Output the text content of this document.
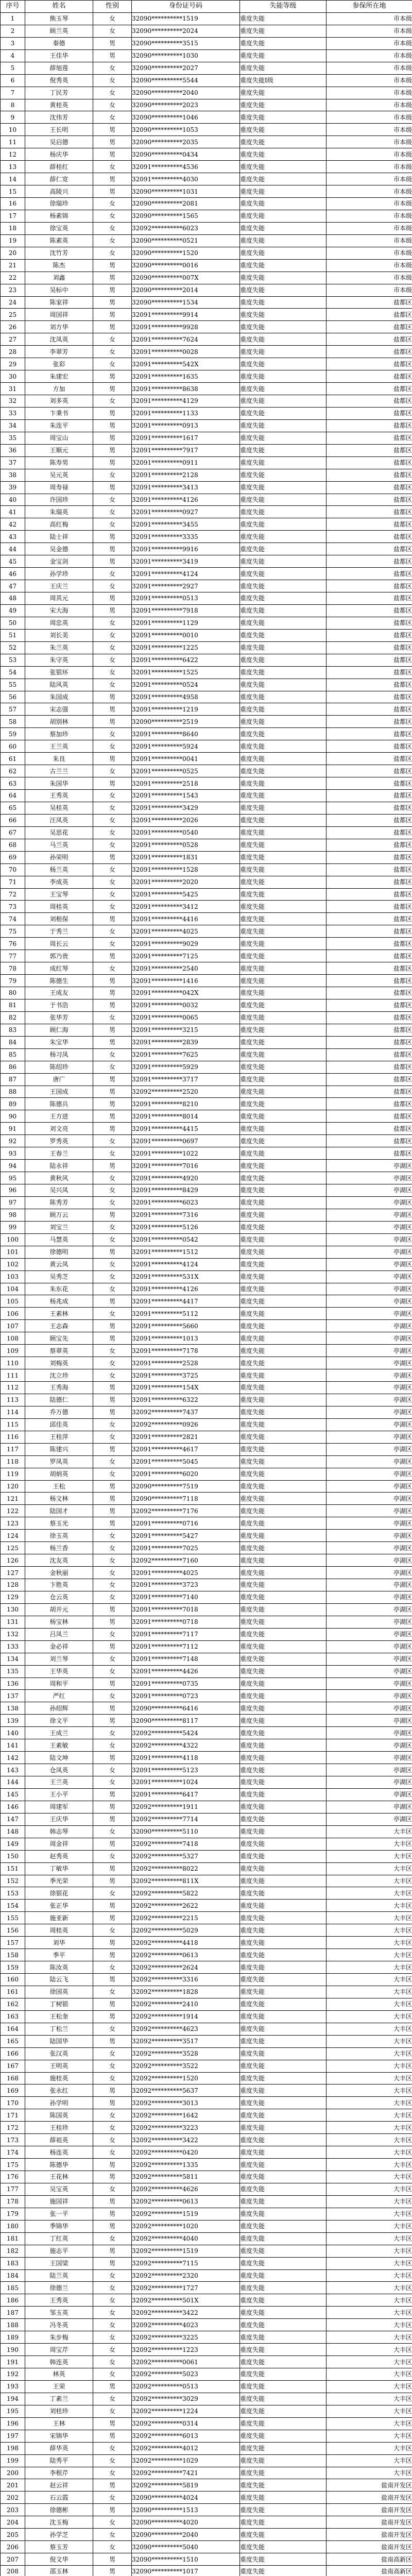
序号	姓名	性别	身份证号码	失能等级	参保所在地
1	熊玉琴	女	32090**********1519	重度失能	市本级
2	顾兰英	女	32090**********2024	重度失能	市本级
3	秦德	男	32090**********3515	重度失能	市本级
4	王佳华	男	32090**********1030	重度失能	市本级
5	薛旭莲	女	32090**********2027	重度失能	市本级
6	倪秀英	女	32090**********5544	重度失能Ⅰ级	市本级
7	丁民芳	女	32090**********2040	重度失能	市本级
8	黄桂英	女	32090**********2023	重度失能	市本级
9	沈伟芳	女	32090**********1046	重度失能	市本级
10	王长明	男	32090**********1053	重度失能	市本级
11	吴启德	男	32090**********2035	重度失能	市本级
12	杨庆华	男	32090**********0434	重度失能	市本级
13	薛桂红	女	32091**********4536	重度失能	市本级
14	薛仁宽	男	32091**********4030	重度失能	市本级
15	高陵兴	男	32090**********1031	重度失能	市本级
16	徐瑞珍	女	32090**********2081	重度失能	市本级
17	杨素锦	女	32090**********1565	重度失能	市本级
18	徐宝英	女	32092**********6023	重度失能	市本级
19	陈素英	女	32090**********0521	重度失能	市本级
20	沈竹芳	女	32090**********1520	重度失能	市本级
21	陈杰	男	32090**********0016	重度失能	市本级
22	刘鑫	男	32090**********007X	重度失能	市本级
23	吴标中	男	32090**********2014	重度失能	市本级
24	陈家祥	男	32090**********1534	重度失能	盐都区
25	周国祥	男	32091**********9914	重度失能	盐都区
26	刘方华	男	32091**********9928	重度失能	盐都区
27	沈凤英	女	32091**********7624	重度失能	盐都区
28	李翠芳	女	32091**********0028	重度失能	盐都区
29	张彩	女	32091**********542X	重度失能	盐都区
30	朱建宏	男	32091**********1635	重度失能	盐都区
31	方加	男	32091**********8638	重度失能	盐都区
32	刘多英	女	32091**********4129	重度失能	盐都区
33	卞秉书	男	32091**********1133	重度失能	盐都区
34	朱连平	男	32091**********0913	重度失能	盐都区
35	周宝山	男	32091**********1617	重度失能	盐都区
36	王顺元	男	32091**********7917	重度失能	盐都区
37	陈寿男	男	32091**********0911	重度失能	盐都区
38	吴元英	女	32091**********2128	重度失能	盐都区
39	周寿禄	男	32091**********3413	重度失能	盐都区
40	许国珍	女	32091**********4126	重度失能	盐都区
41	朱瑞英	女	32091**********0927	重度失能	盐都区
42	高红梅	女	32091**********3455	重度失能	盐都区
43	陆士祥	男	32091**********3335	重度失能	盐都区
44	吴金德	男	32091**********9916	重度失能	盐都区
45	金宝剑	男	32091**********3419	重度失能	盐都区
46	孙学珍	女	32091**********4124	重度失能	盐都区
47	王庆兰	女	32091**********2927	重度失能	盐都区
48	周其元	男	32091**********0513	重度失能	盐都区
49	宋大海	男	32091**********7918	重度失能	盐都区
50	周忠英	女	32091**********1129	重度失能	盐都区
51	刘长美	女	32091**********0010	重度失能	盐都区
52	朱兰英	女	32091**********1225	重度失能	盐都区
53	朱守英	女	32091**********6422	重度失能	盐都区
54	张银环	女	32091**********1525	重度失能	盐都区
55	陆风英	女	32091**********0524	重度失能	盐都区
56	朱国成	男	32091**********4958	重度失能	盐都区
57	宋志强	男	32091**********1219	重度失能	盐都区
58	胡别林	男	32090**********2519	重度失能	盐都区
59	蔡加珍	女	32091**********8640	重度失能	盐都区
60	王兰英	女	32091**********5924	重度失能	盐都区
61	朱良	男	32091**********0041	重度失能	盐都区
62	古兰兰	女	32091**********0525	重度失能	盐都区
63	朱国华	男	32091**********2518	重度失能	盐都区
64	王秀英	女	32091**********1543	重度失能	盐都区
65	吴桂英	女	32091**********3429	重度失能	盐都区
66	汪凤英	女	32091**********2026	重度失能	盐都区
67	吴思花	女	32091**********0540	重度失能	盐都区
68	马兰英	女	32091**********0528	重度失能	盐都区
69	孙荣明	男	32091**********1831	重度失能	盐都区
70	杨兰英	女	32091**********1528	重度失能	盐都区
71	李成英	女	32091**********2020	重度失能	盐都区
72	王宝琴	女	32091**********5425	重度失能	盐都区
73	周桂英	女	32091**********3412	重度失能	盐都区
74	刘根保	男	32091**********4416	重度失能	盐都区
75	于秀兰	女	32091**********4025	重度失能	盐都区
76	周长云	女	32091**********9029	重度失能	盐都区
77	郭乃贵	男	32091**********7125	重度失能	盐都区
78	成红琴	女	32091**********2540	重度失能	盐都区
79	陈德生	男	32091**********1416	重度失能	盐都区
80	王成友	男	32091**********042X	重度失能	盐都区
81	于书浩	男	32091**********0032	重度失能	盐都区
82	张华芳	女	32091**********0065	重度失能	盐都区
83	顾仁海	男	32091**********3215	重度失能	盐都区
84	朱宝华	男	32091**********2839	重度失能	盐都区
85	杨习凤	女	32091**********7625	重度失能	盐都区
86	陈绍珍	女	32091**********5929	重度失能	盐都区
87	唐广	男	32091**********3717	重度失能	盐都区
88	王国成	男	32092**********2520	重度失能	盐都区
89	陈德兵	男	32091**********8210	重度失能	盐都区
90	王方进	男	32091**********8014	重度失能	盐都区
91	刘文亮	男	32091**********4415	重度失能	盐都区
92	罗秀英	女	32091**********0697	重度失能	盐都区
93	王春兰	女	32091**********1022	重度失能	盐都区
94	陆永祥	男	32091**********7016	重度失能	亭湖区
95	黄秋风	女	32091**********4920	重度失能	亭湖区
96	吴兴凤	女	32091**********8429	重度失能	亭湖区
97	陈秀芳	女	32091**********6023	重度失能	亭湖区
98	顾万云	男	32091**********7316	重度失能	亭湖区
99	刘宝兰	女	32091**********5126	重度失能	亭湖区
100	马慧英	女	32091**********0542	重度失能	亭湖区
101	徐德明	男	32091**********1512	重度失能	亭湖区
102	黄云凤	女	32091**********4124	重度失能	亭湖区
103	吴秀芝	女	32091**********531X	重度失能	亭湖区
104	朱东花	女	32091**********4126	重度失能	亭湖区
105	杨兆成	男	32091**********4417	重度失能	亭湖区
106	王素林	女	32091**********5112	重度失能	亭湖区
107	王志森	男	32091**********5660	重度失能	亭湖区
108	顾宝先	男	32091**********1013	重度失能	亭湖区
109	蔡翠英	女	32091**********7178	重度失能	亭湖区
110	刘梅英	女	32091**********2528	重度失能	亭湖区
111	沈立珍	女	32091**********3725	重度失能	亭湖区
112	王秀海	男	32091**********154X	重度失能	亭湖区
113	陆德仁	男	32091**********6322	重度失能	亭湖区
114	乔万德	男	32092**********7437	重度失能	亭湖区
115	邱佳英	女	32092**********0926	重度失能	亭湖区
116	王桂萍	女	32091**********2821	重度失能	亭湖区
117	陈建兴	男	32091**********4617	重度失能	亭湖区
118	罗凤英	女	32091**********5045	重度失能	亭湖区
119	胡炳英	女	32091**********6020	重度失能	亭湖区
120	王松	男	32090**********7519	重度失能	亭湖区
121	杨文林	男	32090**********7118	重度失能	亭湖区
122	陆国才	男	32092**********7176	重度失能	亭湖区
123	蔡玉光	男	32091**********0716	重度失能	亭湖区
124	徐玉英	女	32091**********5427	重度失能	亭湖区
125	杨兰香	女	32091**********7025	重度失能	亭湖区
126	沈友英	女	32092**********7160	重度失能	亭湖区
127	金秋丽	女	32091**********4025	重度失能	亭湖区
128	卞胜英	女	32091**********3723	重度失能	亭湖区
129	仓云英	女	32091**********7140	重度失能	亭湖区
130	胡开元	男	32091**********7018	重度失能	亭湖区
131	杨宝林	男	32091**********0718	重度失能	亭湖区
132	吕凤兰	女	32091**********7117	重度失能	亭湖区
133	金必祥	男	32091**********7112	重度失能	亭湖区
134	刘兰琴	女	32091**********7148	重度失能	亭湖区
135	王华英	女	32091**********4426	重度失能	亭湖区
136	周和平	男	32091**********0735	重度失能	亭湖区
137	严红	女	32091**********0723	重度失能	亭湖区
138	孙绍辉	男	32090**********6416	重度失能	亭湖区
139	徐文平	男	32090**********8117	重度失能	亭湖区
140	王成兰	女	32092**********5424	重度失能	亭湖区
141	王素敏	女	32092**********4322	重度失能	亭湖区
142	陆文坤	男	32091**********4118	重度失能	亭湖区
143	仓凤英	女	32091**********5123	重度失能	亭湖区
144	王兰英	女	32091**********1024	重度失能	亭湖区
145	王小平	男	32091**********6417	重度失能	亭湖区
146	周建军	男	32092**********1911	重度失能	亭湖区
147	王庆华	男	32092**********7714	重度失能	亭湖区
148	韩志琴	女	32090**********5110	重度失能	大丰区
149	周金祥	男	32092**********7418	重度失能	大丰区
150	赵秀英	女	32092**********5327	重度失能	大丰区
151	丁敏华	男	32092**********8022	重度失能	大丰区
152	季光荣	男	32092**********811X	重度失能	大丰区
153	徐银花	女	32092**********5822	重度失能	大丰区
154	张正华	男	32092**********2622	重度失能	大丰区
155	施亚新	男	32092**********2215	重度失能	大丰区
156	周桂英	女	32092**********5029	重度失能	大丰区
157	刘华	男	32092**********4418	重度失能	大丰区
158	季平	男	32092**********0613	重度失能	大丰区
159	陈汝英	女	32092**********2624	重度失能	大丰区
160	陆云飞	男	32092**********3316	重度失能	大丰区
161	徐国英	女	32092**********1828	重度失能	大丰区
162	丁树银	男	32092**********2410	重度失能	大丰区
163	王松奎	男	32092**********1914	重度失能	大丰区
164	丁松兰	女	32092**********4623	重度失能	大丰区
165	陆国华	男	32092**********3517	重度失能	大丰区
166	张汉英	女	32092**********3528	重度失能	大丰区
167	王明英	女	32092**********3522	重度失能	大丰区
168	施桂英	女	32092**********1520	重度失能	大丰区
169	张永红	男	32092**********5637	重度失能	大丰区
170	孙学明	男	32092**********3013	重度失能	大丰区
171	陈国英	女	32092**********1642	重度失能	大丰区
172	王桂珍	女	32092**********3223	重度失能	大丰区
173	薛祖英	女	32092**********3422	重度失能	大丰区
174	杨连英	女	32092**********0420	重度失能	大丰区
175	陈德华	男	32092**********1335	重度失能	大丰区
176	王花林	男	32092**********5811	重度失能	大丰区
177	吴宝英	女	32092**********4626	重度失能	大丰区
178	施国祥	男	32092**********0613	重度失能	大丰区
179	张一平	男	32092**********1519	重度失能	大丰区
180	季锦华	男	32092**********1020	重度失能	大丰区
181	丁红英	女	32092**********4040	重度失能	大丰区
182	施志平	男	32092**********1519	重度失能	大丰区
183	王国梁	男	32092**********7115	重度失能	大丰区
184	陆兰英	女	32092**********2320	重度失能	大丰区
185	徐德兰	女	32092**********1727	重度失能	大丰区
186	王秀英	女	32092**********501X	重度失能	大丰区
187	邹玉英	女	32092**********3422	重度失能	大丰区
188	冯冬英	女	32092**********4023	重度失能	大丰区
189	朱步梅	女	32092**********3225	重度失能	大丰区
190	周宝芹	女	32092**********1223	重度失能	大丰区
191	韩连英	女	32092**********0061	重度失能	大丰区
192	林英	女	32092**********5023	重度失能	大丰区
193	王荣	男	32092**********0513	重度失能	大丰区
194	丁素兰	女	32092**********3029	重度失能	大丰区
195	刘桂珍	女	32092**********1224	重度失能	大丰区
196	王林	男	32092**********0314	重度失能	大丰区
197	宋锦华	男	32092**********6013	重度失能	大丰区
198	薛华英	女	32092**********4012	重度失能	大丰区
199	陆秀平	女	32092**********1029	重度失能	大丰区
200	李根芹	女	32092**********7421	重度失能	大丰区
201	赵云祥	男	32092**********5819	重度失能	盐南开发区
202	石云霞	女	32090**********4024	重度失能	盐南开发区
203	徐德彬	男	32090**********1513	重度失能	盐南开发区
204	沈玉梅	女	32090**********4020	重度失能	盐南开发区
205	孙学芝	女	32090**********2040	重度失能	盐南开发区
206	蔡玉芳	女	32090**********5040	重度失能	盐南开发区
207	倪文华	男	32090**********1510	重度失能	盐南高新区
208	邵玉林	男	32090**********1017	重度失能	盐南高新区
